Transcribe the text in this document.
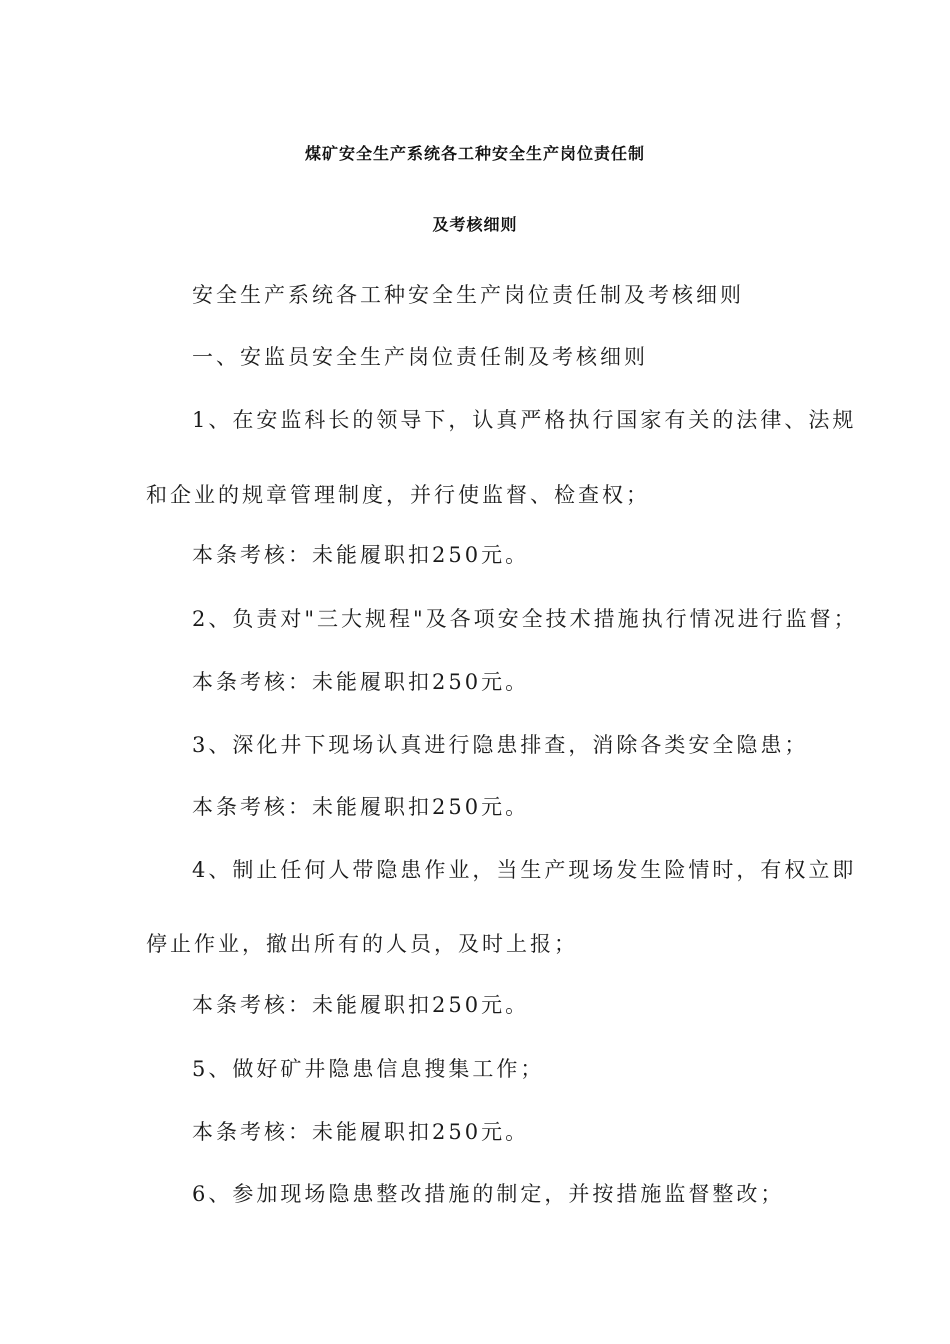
煤矿安全生产系统各工种安全生产岗位责任制
及考核细则
安全生产系统各工种安全生产岗位责任制及考核细则
一、安监员安全生产岗位责任制及考核细则
1、在安监科长的领导下，认真严格执行国家有关的法律、法规
和企业的规章管理制度，并行使监督、检查权；
本条考核：未能履职扣250元。
2、负责对"三大规程"及各项安全技术措施执行情况进行监督；
本条考核：未能履职扣250元。
3、深化井下现场认真进行隐患排查，消除各类安全隐患；
本条考核：未能履职扣250元。
4、制止任何人带隐患作业，当生产现场发生险情时，有权立即
停止作业，撤出所有的人员，及时上报；
本条考核：未能履职扣250元。
5、做好矿井隐患信息搜集工作；
本条考核：未能履职扣250元。
6、参加现场隐患整改措施的制定，并按措施监督整改；
